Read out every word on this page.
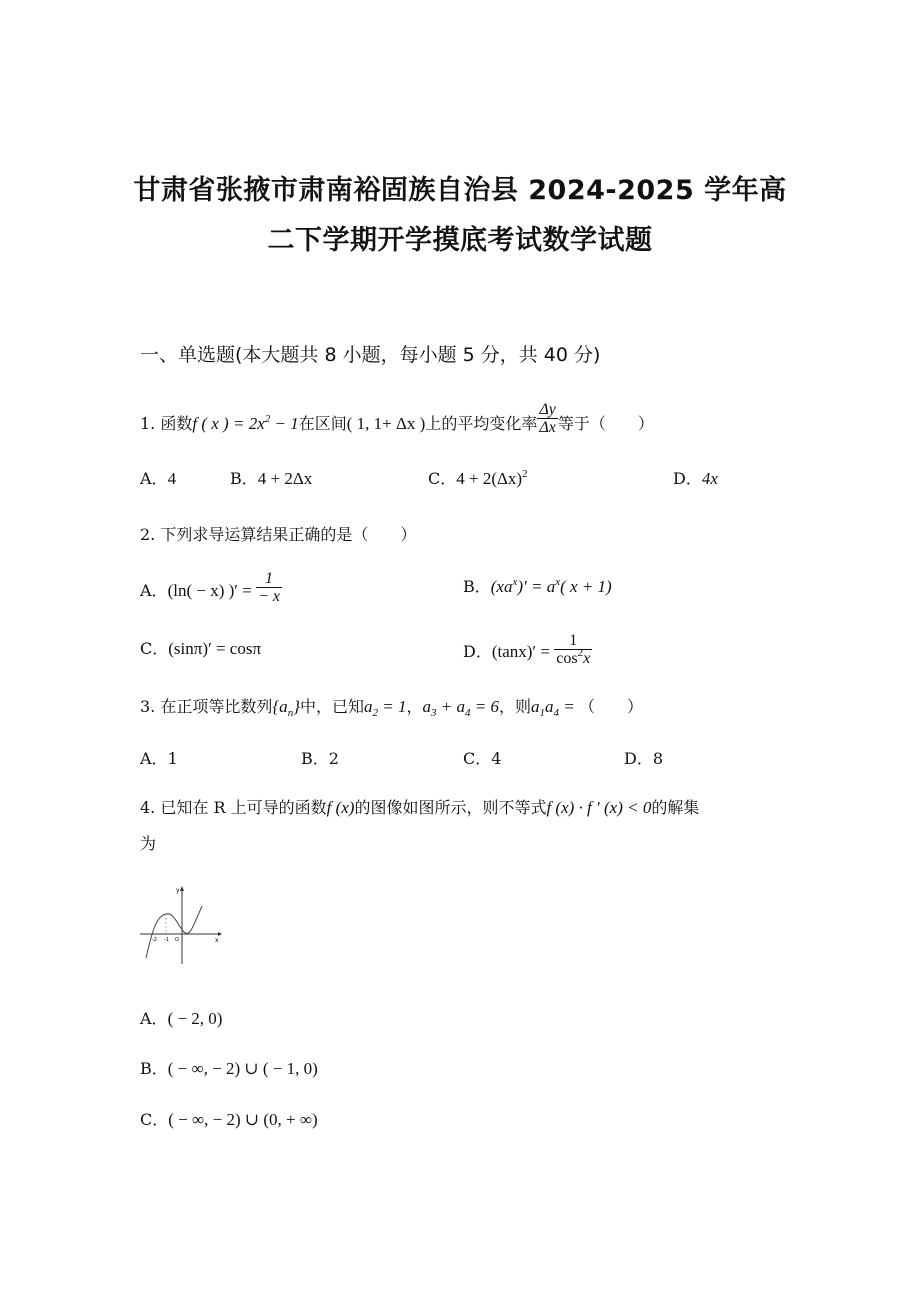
甘肃省张掖市肃南裕固族自治县 2024-2025 学年高
二下学期开学摸底考试数学试题
一、单选题(本大题共 8 小题，每小题 5 分，共 40 分)
1. 函数f ( x ) = $2x^2 - 1$在区间( 1, 1+ Δx )上的平均变化率 $\frac{\Delta y}{\Delta x}$ 等于（　　）
A．4	B．4 + 2Δx	C．$4 + 2(\Delta x)^2$	D．4x
2. 下列求导运算结果正确的是（　　）
A．(ln( − x) )′ = $\frac{1}{- x}$	B．$(xa^x)' = a^x$( x + 1)
C．(sinπ)′ = cosπ	D．$(\tan x)' = \frac{1}{\cos^2x}$
3. 在正项等比数列$\{a_n\}$中，已知$a_2 = 1$，$a_3 + a_4 = 6$，则$a_1a_4$ = （　　）
A．1	B．2	C．4	D．8
4. 已知在 R 上可导的函数f (x)的图像如图所示，则不等式f (x) · f ′ (x) < 0的解集
为
y
x
-2 -1 O
A．( − 2, 0)
B．( − ∞, − 2) ∪ ( − 1, 0)
C．( − ∞, − 2) ∪ (0, + ∞)
